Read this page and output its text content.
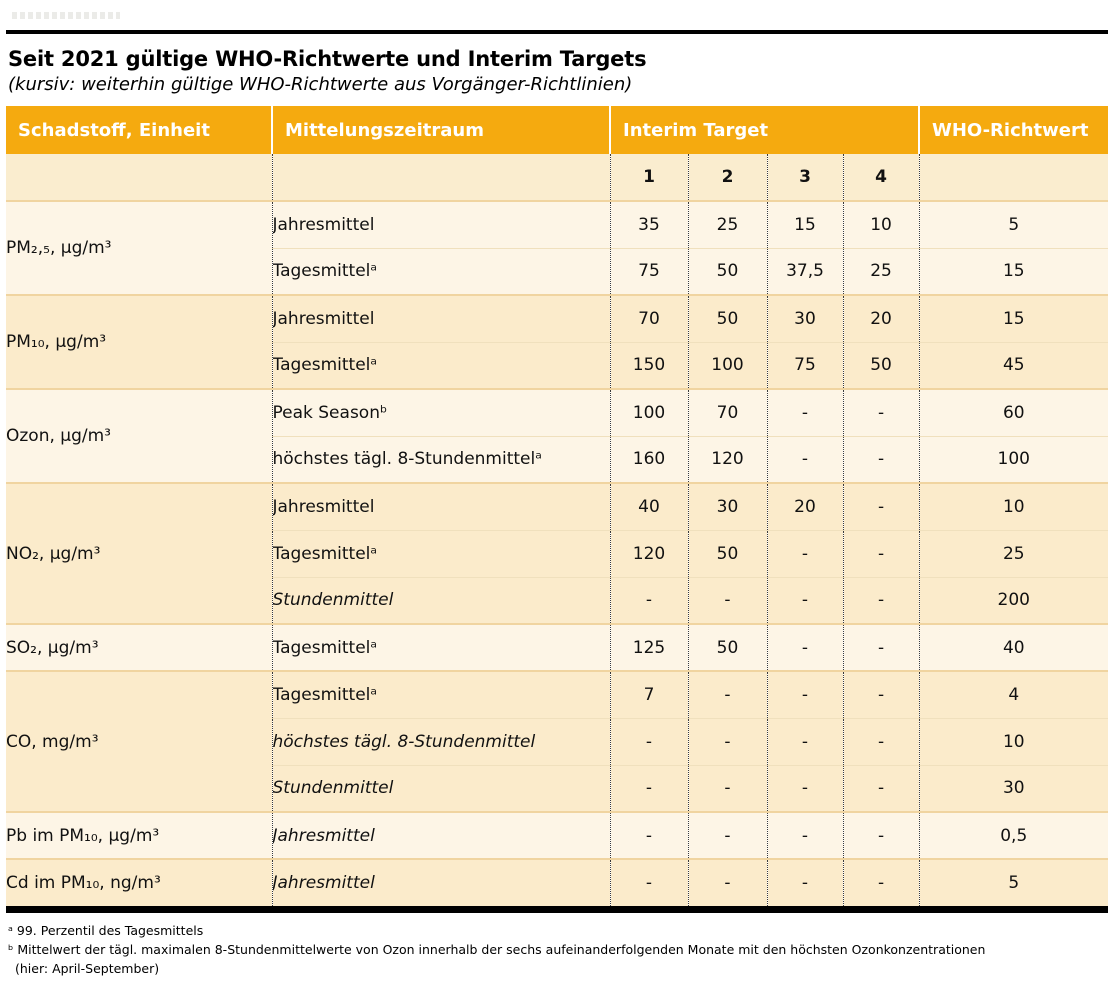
Seit 2021 gültige WHO-Richtwerte und Interim Targets

(kursiv: weiterhin gültige WHO-Richtwerte aus Vorgänger-Richtlinien)

Schadstoff, Einheit	Mittelungszeitraum	Interim Target				WHO-Richtwert
		1	2	3	4	
PM₂,₅, µg/m³	Jahresmittel	35	25	15	10	5
	Tagesmittelᵃ	75	50	37,5	25	15
PM₁₀, µg/m³	Jahresmittel	70	50	30	20	15
	Tagesmittelᵃ	150	100	75	50	45
Ozon, µg/m³	Peak Seasonᵇ	100	70	-	-	60
	höchstes tägl. 8-Stundenmittelᵃ	160	120	-	-	100
NO₂, µg/m³	Jahresmittel	40	30	20	-	10
	Tagesmittelᵃ	120	50	-	-	25
	Stundenmittel	-	-	-	-	200
SO₂, µg/m³	Tagesmittelᵃ	125	50	-	-	40
CO, mg/m³	Tagesmittelᵃ	7	-	-	-	4
	höchstes tägl. 8-Stundenmittel	-	-	-	-	10
	Stundenmittel	-	-	-	-	30
Pb im PM₁₀, µg/m³	Jahresmittel	-	-	-	-	0,5
Cd im PM₁₀, ng/m³	Jahresmittel	-	-	-	-	5

ᵃ 99. Perzentil des Tagesmittels

ᵇ Mittelwert der tägl. maximalen 8-Stundenmittelwerte von Ozon innerhalb der sechs aufeinanderfolgenden Monate mit den höchsten Ozonkonzentrationen

(hier: April-September)
